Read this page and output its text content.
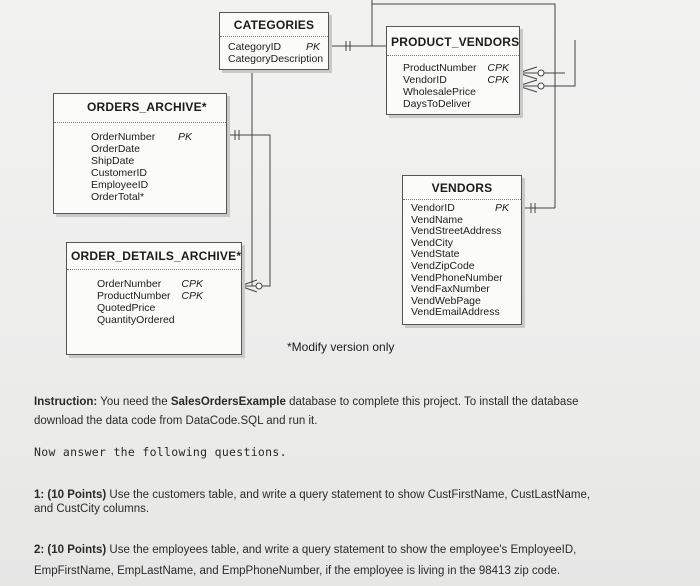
CATEGORIES
CategoryID PK
CategoryDescription
PRODUCT_VENDORS
ProductNumber CPK
VendorID	CPK
WholesalePrice
DaysToDeliver
ORDERS_ARCHIVE*
OrderNumber PK
OrderDate
ShipDate
CustomerID
EmployeeID
OrderTotal*
VENDORS
VendorID	PK
VendName
VendStreetAddress
VendCity
VendState
VendZipCode
VendPhoneNumber
VendFaxNumber
VendWebPage
VendEmailAddress
ORDER_DETAILS_ARCHIVE*
OrderNumber CPK
ProductNumber CPK
QuotedPrice
QuantityOrdered
*Modify version only
Instruction: You need the SalesOrdersExample database to complete this project. To install the database
download the data code from DataCode.SQL and run it.
Now answer the following questions.
1: (10 Points) Use the customers table, and write a query statement to show CustFirstName, CustLastName,
and CustCity columns.
2: (10 Points) Use the employees table, and write a query statement to show the employee's EmployeeID,
EmpFirstName, EmpLastName, and EmpPhoneNumber, if the employee is living in the 98413 zip code.
